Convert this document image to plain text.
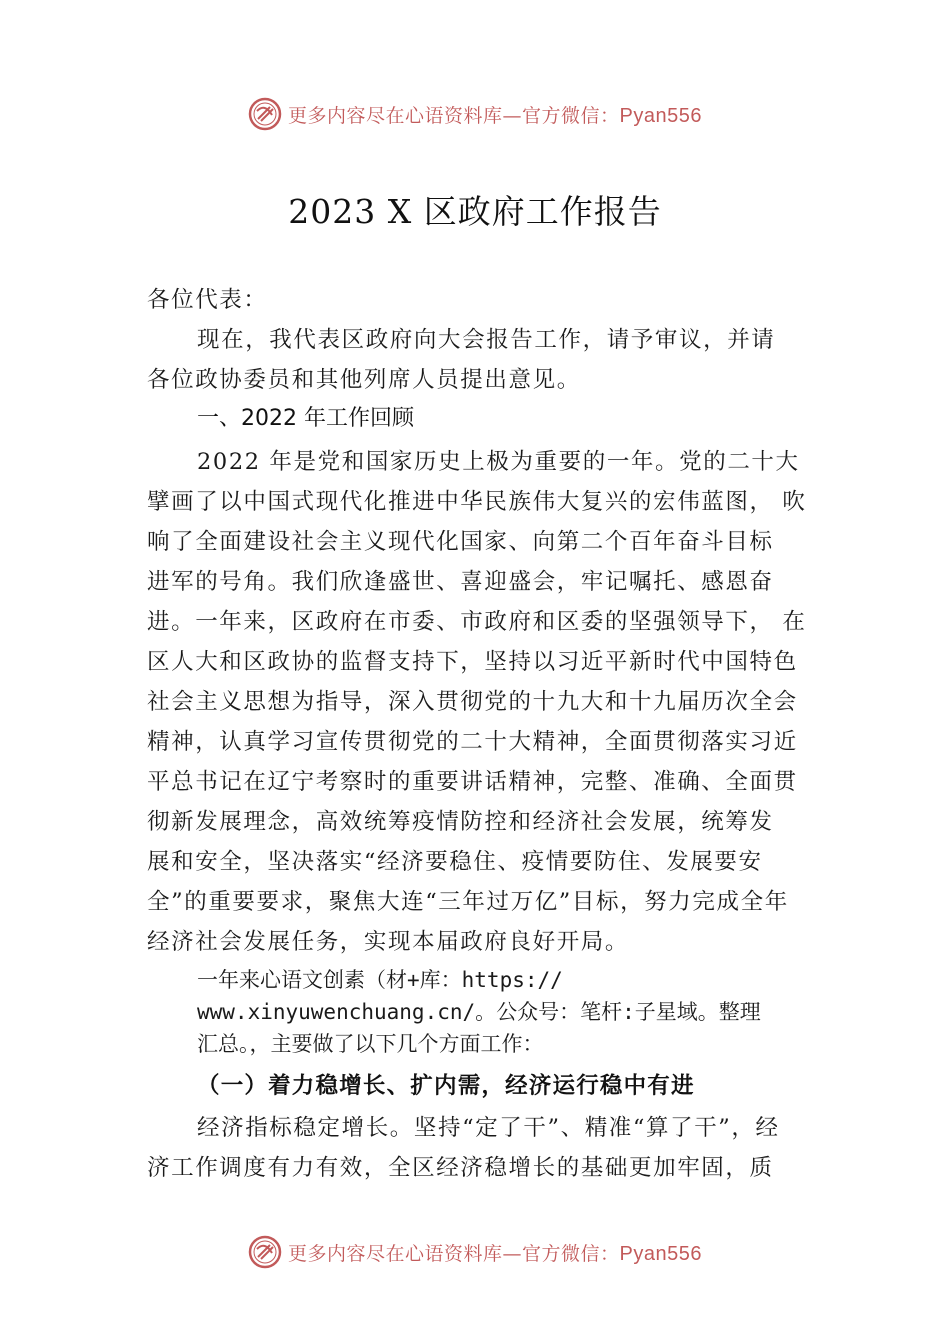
更多内容尽在心语资料库—官方微信：Pyan556
2023 X 区政府工作报告
各位代表：
现在，我代表区政府向大会报告工作，请予审议，并请
各位政协委员和其他列席人员提出意见。
一、2022 年工作回顾
2022 年是党和国家历史上极为重要的一年。党的二十大
擘画了以中国式现代化推进中华民族伟大复兴的宏伟蓝图， 吹
响了全面建设社会主义现代化国家、向第二个百年奋斗目标
进军的号角。我们欣逢盛世、喜迎盛会，牢记嘱托、感恩奋
进。一年来，区政府在市委、市政府和区委的坚强领导下， 在
区人大和区政协的监督支持下，坚持以习近平新时代中国特色
社会主义思想为指导，深入贯彻党的十九大和十九届历次全会
精神，认真学习宣传贯彻党的二十大精神，全面贯彻落实习近
平总书记在辽宁考察时的重要讲话精神，完整、准确、全面贯
彻新发展理念，高效统筹疫情防控和经济社会发展，统筹发
展和安全，坚决落实“经济要稳住、疫情要防住、发展要安
全”的重要要求，聚焦大连“三年过万亿”目标，努力完成全年
经济社会发展任务，实现本届政府良好开局。
一年来心语文创素（材+库：https://
www.xinyuwenchuang.cn/。公众号：笔杆:子星域。整理
汇总。，主要做了以下几个方面工作：
（一）着力稳增长、扩内需，经济运行稳中有进
经济指标稳定增长。坚持“定了干”、精准“算了干”，经
济工作调度有力有效，全区经济稳增长的基础更加牢固，质
更多内容尽在心语资料库—官方微信：Pyan556
